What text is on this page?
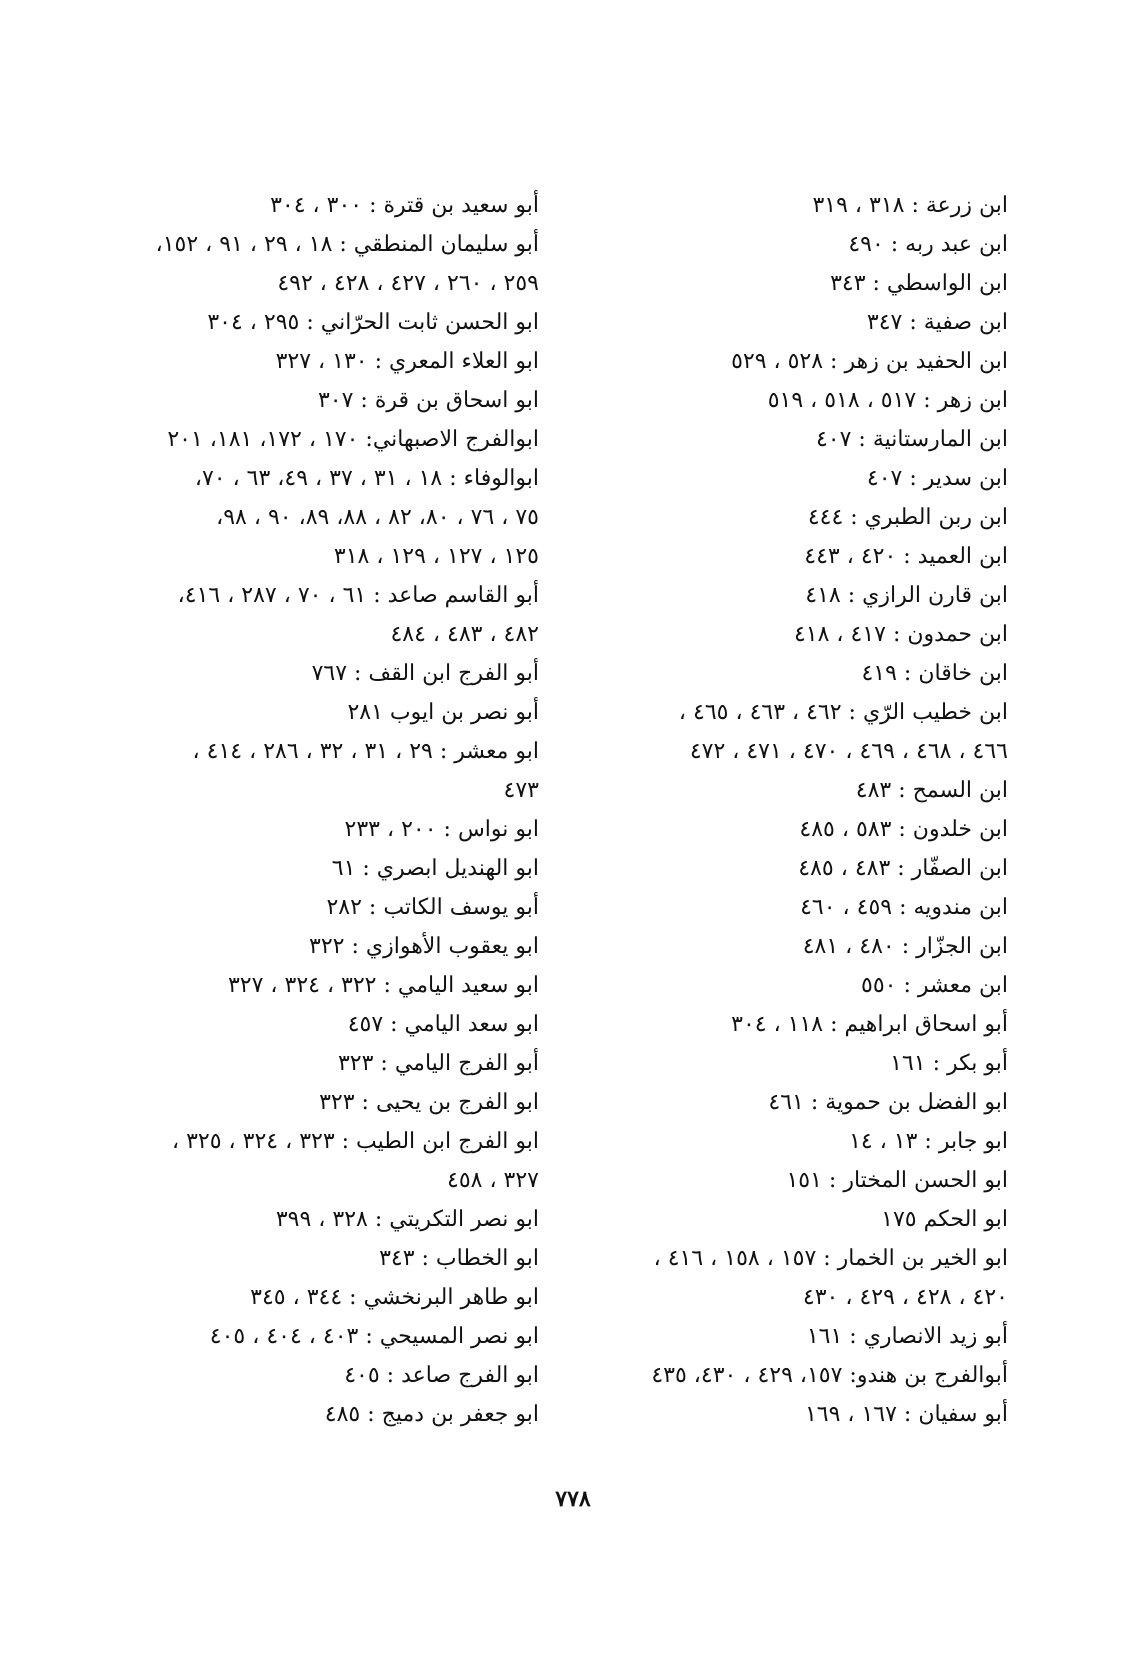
ابن زرعة : ٣١٨ ، ٣١٩
ابن عبد ربه : ٤٩٠
ابن الواسطي : ٣٤٣
ابن صفية : ٣٤٧
ابن الحفيد بن زهر : ٥٢٨ ، ٥٢٩
ابن زهر : ٥١٧ ، ٥١٨ ، ٥١٩
ابن المارستانية : ٤٠٧
ابن سدير : ٤٠٧
ابن ربن الطبري : ٤٤٤
ابن العميد : ٤٢٠ ، ٤٤٣
ابن قارن الرازي : ٤١٨
ابن حمدون : ٤١٧ ، ٤١٨
ابن خاقان : ٤١٩
ابن خطيب الرّي : ٤٦٢ ، ٤٦٣ ، ٤٦٥ ،
٤٦٦ ، ٤٦٨ ، ٤٦٩ ، ٤٧٠ ، ٤٧١ ، ٤٧٢
ابن السمح : ٤٨٣
ابن خلدون : ٥٨٣ ، ٤٨٥
ابن الصفّار : ٤٨٣ ، ٤٨٥
ابن مندويه : ٤٥٩ ، ٤٦٠
ابن الجزّار : ٤٨٠ ، ٤٨١
ابن معشر : ٥٥٠
أبو اسحاق ابراهيم : ١١٨ ، ٣٠٤
أبو بكر : ١٦١
ابو الفضل بن حموية : ٤٦١
ابو جابر : ١٣ ، ١٤
ابو الحسن المختار : ١٥١
ابو الحكم ١٧٥
ابو الخير بن الخمار : ١٥٧ ، ١٥٨ ، ٤١٦ ،
٤٢٠ ، ٤٢٨ ، ٤٢٩ ، ٤٣٠
أبو زيد الانصاري : ١٦١
أبوالفرج بن هندو: ١٥٧، ٤٢٩ ، ٤٣٠، ٤٣٥
أبو سفيان : ١٦٧ ، ١٦٩
أبو سعيد بن قترة : ٣٠٠ ، ٣٠٤
أبو سليمان المنطقي : ١٨ ، ٢٩ ، ٩١ ، ١٥٢،
٢٥٩ ، ٢٦٠ ، ٤٢٧ ، ٤٢٨ ، ٤٩٢
ابو الحسن ثابت الحرّاني : ٢٩٥ ، ٣٠٤
ابو العلاء المعري : ١٣٠ ، ٣٢٧
ابو اسحاق بن قرة : ٣٠٧
ابوالفرج الاصبهاني: ١٧٠ ، ١٧٢، ١٨١، ٢٠١
ابوالوفاء : ١٨ ، ٣١ ، ٣٧ ، ٤٩، ٦٣ ، ٧٠،
٧٥ ، ٧٦ ، ٨٠، ٨٢ ، ٨٨، ٨٩، ٩٠ ، ٩٨،
١٢٥ ، ١٢٧ ، ١٢٩ ، ٣١٨
أبو القاسم صاعد : ٦١ ، ٧٠ ، ٢٨٧ ، ٤١٦،
٤٨٢ ، ٤٨٣ ، ٤٨٤
أبو الفرج ابن القف : ٧٦٧
أبو نصر بن ايوب ٢٨١
ابو معشر : ٢٩ ، ٣١ ، ٣٢ ، ٢٨٦ ، ٤١٤ ،
٤٧٣
ابو نواس : ٢٠٠ ، ٢٣٣
ابو الهنديل ابصري : ٦١
أبو يوسف الكاتب : ٢٨٢
ابو يعقوب الأهوازي : ٣٢٢
ابو سعيد اليامي : ٣٢٢ ، ٣٢٤ ، ٣٢٧
ابو سعد اليامي : ٤٥٧
أبو الفرج اليامي : ٣٢٣
ابو الفرج بن يحيى : ٣٢٣
ابو الفرج ابن الطيب : ٣٢٣ ، ٣٢٤ ، ٣٢٥ ،
٣٢٧ ، ٤٥٨
ابو نصر التكريتي : ٣٢٨ ، ٣٩٩
ابو الخطاب : ٣٤٣
ابو طاهر البرنخشي : ٣٤٤ ، ٣٤٥
ابو نصر المسيحي : ٤٠٣ ، ٤٠٤ ، ٤٠٥
ابو الفرج صاعد : ٤٠٥
ابو جعفر بن دميج : ٤٨٥
٧٧٨
